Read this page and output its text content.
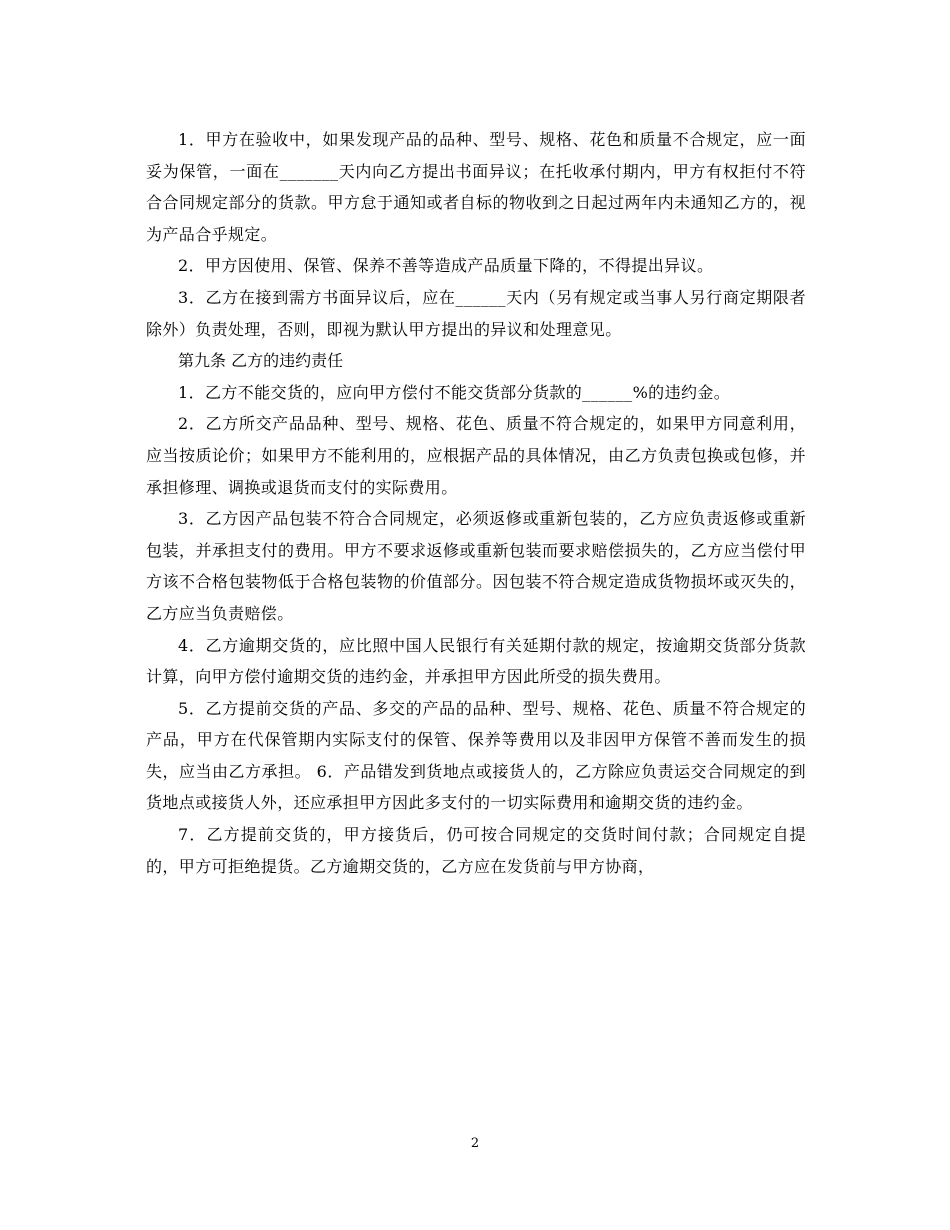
1．甲方在验收中，如果发现产品的品种、型号、规格、花色和质量不合规定，应一面妥为保管，一面在_______天内向乙方提出书面异议；在托收承付期内，甲方有权拒付不符合合同规定部分的货款。甲方怠于通知或者自标的物收到之日起过两年内未通知乙方的，视为产品合乎规定。

2．甲方因使用、保管、保养不善等造成产品质量下降的，不得提出异议。

3．乙方在接到需方书面异议后，应在______天内（另有规定或当事人另行商定期限者除外）负责处理，否则，即视为默认甲方提出的异议和处理意见。

第九条 乙方的违约责任

1．乙方不能交货的，应向甲方偿付不能交货部分货款的______%的违约金。

2．乙方所交产品品种、型号、规格、花色、质量不符合规定的，如果甲方同意利用，应当按质论价；如果甲方不能利用的，应根据产品的具体情况，由乙方负责包换或包修，并承担修理、调换或退货而支付的实际费用。

3．乙方因产品包装不符合合同规定，必须返修或重新包装的，乙方应负责返修或重新包装，并承担支付的费用。甲方不要求返修或重新包装而要求赔偿损失的，乙方应当偿付甲方该不合格包装物低于合格包装物的价值部分。因包装不符合规定造成货物损坏或灭失的，乙方应当负责赔偿。

4．乙方逾期交货的，应比照中国人民银行有关延期付款的规定，按逾期交货部分货款计算，向甲方偿付逾期交货的违约金，并承担甲方因此所受的损失费用。

5．乙方提前交货的产品、多交的产品的品种、型号、规格、花色、质量不符合规定的产品，甲方在代保管期内实际支付的保管、保养等费用以及非因甲方保管不善而发生的损失，应当由乙方承担。 6．产品错发到货地点或接货人的，乙方除应负责运交合同规定的到货地点或接货人外，还应承担甲方因此多支付的一切实际费用和逾期交货的违约金。

7．乙方提前交货的，甲方接货后，仍可按合同规定的交货时间付款；合同规定自提的，甲方可拒绝提货。乙方逾期交货的，乙方应在发货前与甲方协商，

2
